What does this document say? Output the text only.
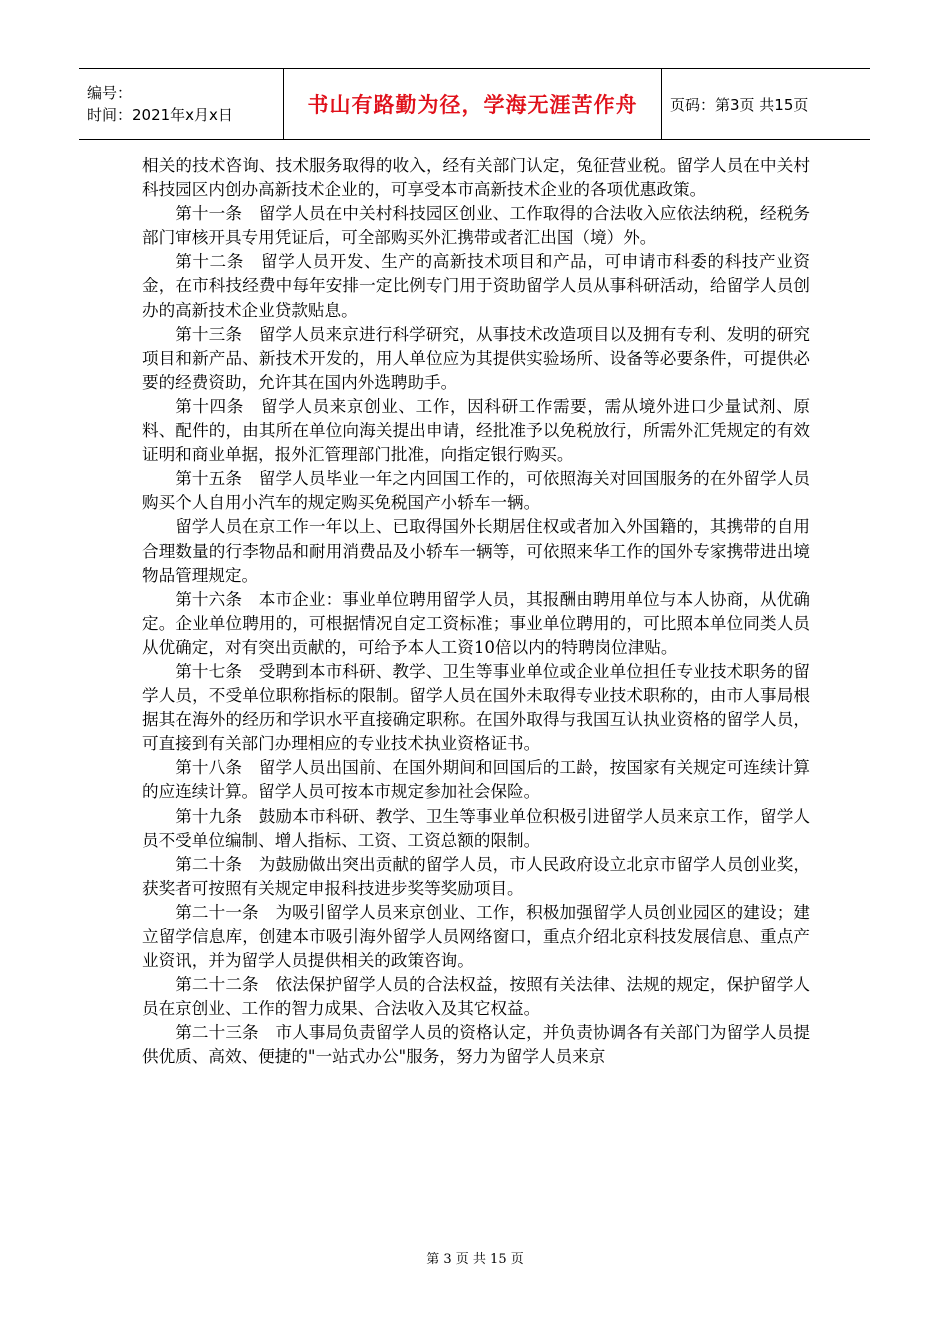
编号：
时间：2021年x月x日	书山有路勤为径，学海无涯苦作舟 页码：第3页 共15页

相关的技术咨询、技术服务取得的收入，经有关部门认定，兔征营业税。留学人员在中关村科技园区内创办高新技术企业的，可享受本市高新技术企业的各项优惠政策。

第十一条　留学人员在中关村科技园区创业、工作取得的合法收入应依法纳税，经税务部门审核开具专用凭证后，可全部购买外汇携带或者汇出国（境）外。

第十二条　留学人员开发、生产的高新技术项目和产品，可申请市科委的科技产业资金，在市科技经费中每年安排一定比例专门用于资助留学人员从事科研活动，给留学人员创办的高新技术企业贷款贴息。

第十三条　留学人员来京进行科学研究，从事技术改造项目以及拥有专利、发明的研究项目和新产品、新技术开发的，用人单位应为其提供实验场所、设备等必要条件，可提供必要的经费资助，允许其在国内外选聘助手。

第十四条　留学人员来京创业、工作，因科研工作需要，需从境外进口少量试剂、原料、配件的，由其所在单位向海关提出申请，经批准予以免税放行，所需外汇凭规定的有效证明和商业单据，报外汇管理部门批准，向指定银行购买。

第十五条　留学人员毕业一年之内回国工作的，可依照海关对回国服务的在外留学人员购买个人自用小汽车的规定购买免税国产小轿车一辆。

留学人员在京工作一年以上、已取得国外长期居住权或者加入外国籍的，其携带的自用合理数量的行李物品和耐用消费品及小轿车一辆等，可依照来华工作的国外专家携带进出境物品管理规定。

第十六条　本市企业：事业单位聘用留学人员，其报酬由聘用单位与本人协商，从优确定。企业单位聘用的，可根据情况自定工资标准；事业单位聘用的，可比照本单位同类人员从优确定，对有突出贡献的，可给予本人工资10倍以内的特聘岗位津贴。

第十七条　受聘到本市科研、教学、卫生等事业单位或企业单位担任专业技术职务的留学人员，不受单位职称指标的限制。留学人员在国外未取得专业技术职称的，由市人事局根据其在海外的经历和学识水平直接确定职称。在国外取得与我国互认执业资格的留学人员，可直接到有关部门办理相应的专业技术执业资格证书。

第十八条　留学人员出国前、在国外期间和回国后的工龄，按国家有关规定可连续计算的应连续计算。留学人员可按本市规定参加社会保险。

第十九条　鼓励本市科研、教学、卫生等事业单位积极引进留学人员来京工作，留学人员不受单位编制、增人指标、工资、工资总额的限制。

第二十条　为鼓励做出突出贡献的留学人员，市人民政府设立北京市留学人员创业奖，获奖者可按照有关规定申报科技进步奖等奖励项目。

第二十一条　为吸引留学人员来京创业、工作，积极加强留学人员创业园区的建设；建立留学信息库，创建本市吸引海外留学人员网络窗口，重点介绍北京科技发展信息、重点产业资讯，并为留学人员提供相关的政策咨询。

第二十二条　依法保护留学人员的合法权益，按照有关法律、法规的规定，保护留学人员在京创业、工作的智力成果、合法收入及其它权益。

第二十三条　市人事局负责留学人员的资格认定，并负责协调各有关部门为留学人员提供优质、高效、便捷的"一站式办公"服务，努力为留学人员来京

第 3 页 共 15 页
